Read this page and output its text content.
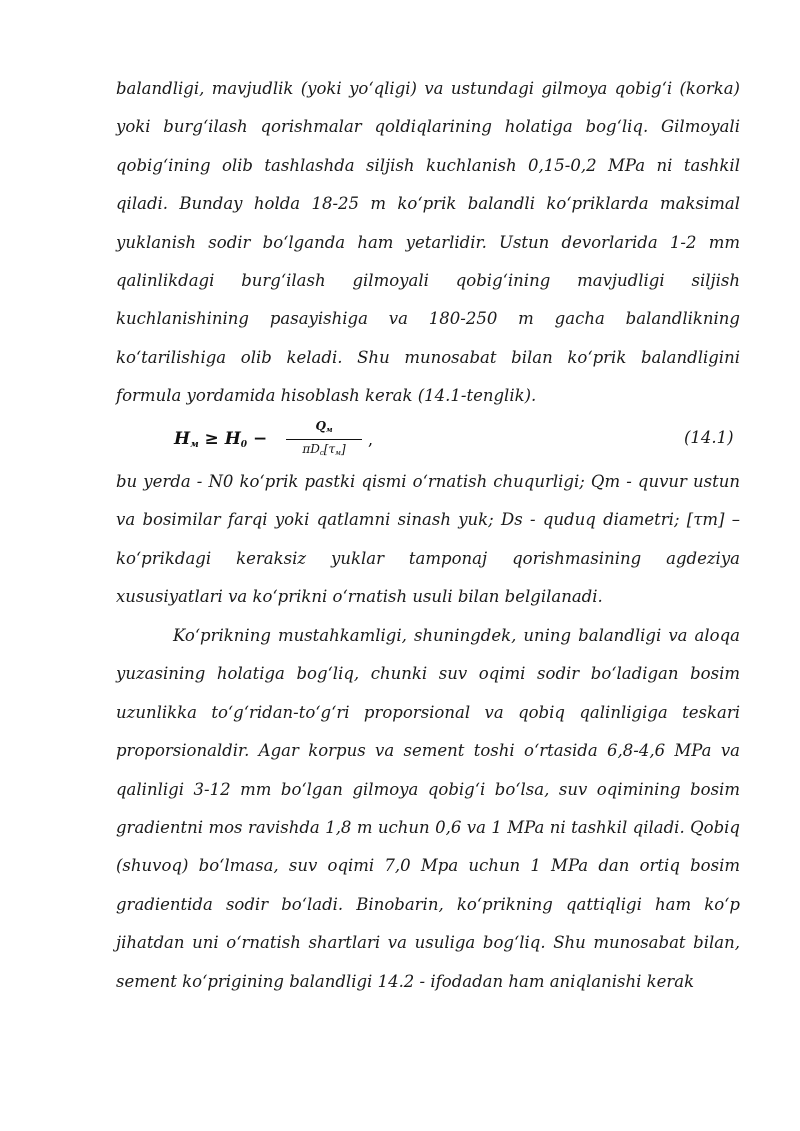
balandligi, mavjudlik (yoki yo‘qligi) va ustundagi gilmoya qobig‘i (korka) yoki burg‘ilash qorishmalar qoldiqlarining holatiga bog‘liq. Gilmoyali qobig‘ining olib tashlashda siljish kuchlanish 0,15-0,2 MPa ni tashkil qiladi. Bunday holda 18-25 m ko‘prik balandli ko‘priklarda maksimal yuklanish sodir bo‘lganda ham yetarlidir. Ustun devorlarida 1-2 mm qalinlikdagi burg‘ilash gilmoyali qobig‘ining mavjudligi siljish kuchlanishining pasayishiga va 180-250 m gacha balandlikning ko‘tarilishiga olib keladi. Shu munosabat bilan ko‘prik balandligini formula yordamida hisoblash kerak (14.1-tenglik).

$H_м \ge H_0$ −
$Q_м$
$\pi D_c[\tau_м]$	,	(14.1)

bu yerda - N0 ko‘prik pastki qismi o‘rnatish chuqurligi; Qm - quvur ustun va bosimilar farqi yoki qatlamni sinash yuk; Ds - quduq diametri; [τm] – ko‘prikdagi keraksiz yuklar tamponaj qorishmasining agdeziya xususiyatlari va ko‘prikni o‘rnatish usuli bilan belgilanadi.

Ko‘prikning mustahkamligi, shuningdek, uning balandligi va aloqa yuzasining holatiga bog‘liq, chunki suv oqimi sodir bo‘ladigan bosim uzunlikka to‘g‘ridan-to‘g‘ri proporsional va qobiq qalinligiga teskari proporsionaldir. Agar korpus va sement toshi o‘rtasida 6,8-4,6 MPa va qalinligi 3-12 mm bo‘lgan gilmoya qobig‘i bo‘lsa, suv oqimining bosim gradientni mos ravishda 1,8 m uchun 0,6 va 1 MPa ni tashkil qiladi. Qobiq (shuvoq) bo‘lmasa, suv oqimi 7,0 Mpa uchun 1 MPa dan ortiq bosim gradientida sodir bo‘ladi. Binobarin, ko‘prikning qattiqligi ham ko‘p jihatdan uni o‘rnatish shartlari va usuliga bog‘liq. Shu munosabat bilan, sement ko‘prigining balandligi 14.2 - ifodadan ham aniqlanishi kerak
